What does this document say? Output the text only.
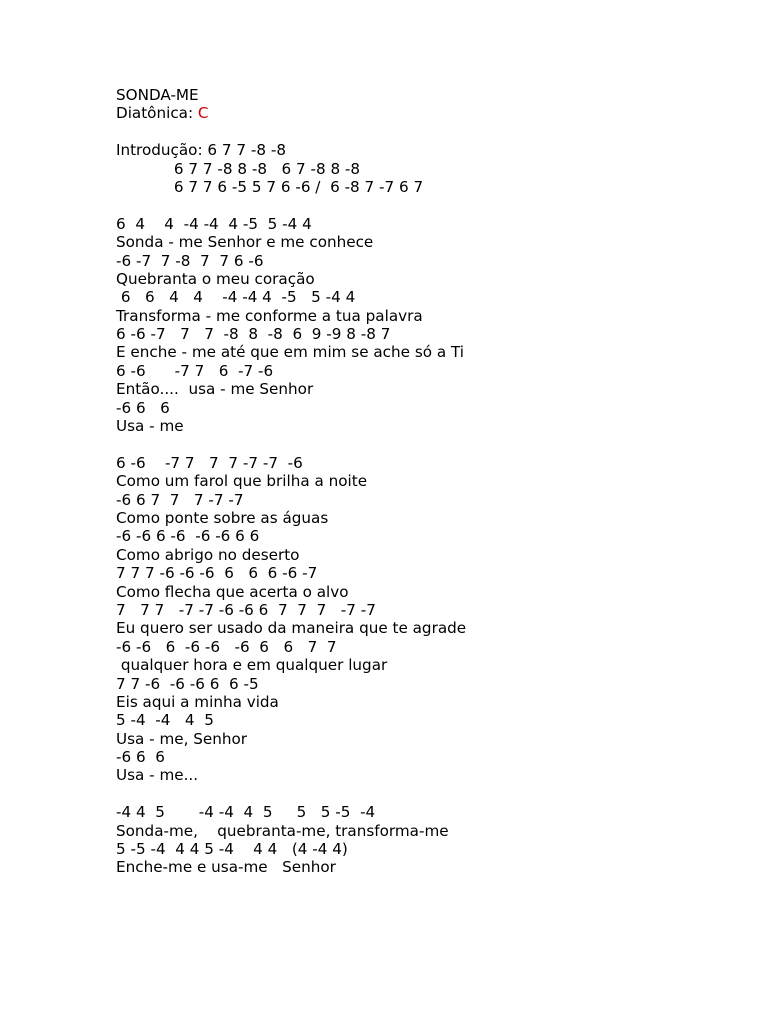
SONDA-ME
Diatônica: C
Introdução: 6 7 7 -8 -8
6 7 7 -8 8 -8   6 7 -8 8 -8
6 7 7 6 -5 5 7 6 -6 /  6 -8 7 -7 6 7
6  4    4  -4 -4  4 -5  5 -4 4
Sonda - me Senhor e me conhece
-6 -7  7 -8  7  7 6 -6
Quebranta o meu coração
6   6   4   4    -4 -4 4  -5   5 -4 4
Transforma - me conforme a tua palavra
6 -6 -7   7   7  -8  8  -8  6  9 -9 8 -8 7
E enche - me até que em mim se ache só a Ti
6 -6      -7 7   6  -7 -6
Então....  usa - me Senhor
-6 6   6
Usa - me
6 -6    -7 7   7  7 -7 -7  -6
Como um farol que brilha a noite
-6 6 7  7   7 -7 -7
Como ponte sobre as águas
-6 -6 6 -6  -6 -6 6 6
Como abrigo no deserto
7 7 7 -6 -6 -6  6   6  6 -6 -7
Como flecha que acerta o alvo
7   7 7   -7 -7 -6 -6 6  7  7  7   -7 -7
Eu quero ser usado da maneira que te agrade
-6 -6   6  -6 -6   -6  6   6   7  7
qualquer hora e em qualquer lugar
7 7 -6  -6 -6 6  6 -5
Eis aqui a minha vida
5 -4  -4   4  5
Usa - me, Senhor
-6 6  6
Usa - me...
-4 4  5       -4 -4  4  5     5   5 -5  -4
Sonda-me,    quebranta-me, transforma-me
5 -5 -4  4 4 5 -4    4 4   (4 -4 4)
Enche-me e usa-me   Senhor
